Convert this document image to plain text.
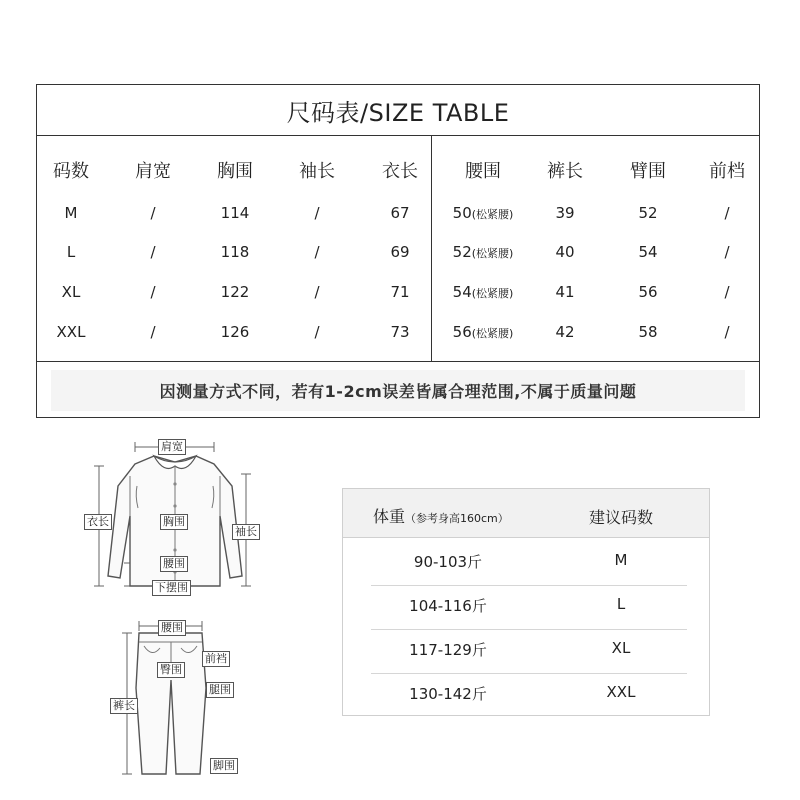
尺码表/SIZE TABLE
码数	肩宽	胸围	袖长	衣长	腰围	裤长	臂围	前档
M	/	114	/	67	50(松紧腰)	39	52	/
L	/	118	/	69	52(松紧腰)	40	54	/
XL	/	122	/	71	54(松紧腰)	41	56	/
XXL	/	126	/	73	56(松紧腰)	42	58	/
因测量方式不同，若有1-2cm误差皆属合理范围,不属于质量问题
肩宽
衣长	胸围
袖长
腰围
下摆围
腰围
前裆
臀围
腿围
裤长
脚围
体重（参考身高160cm）	建议码数
90-103斤	M
104-116斤	L
117-129斤	XL
130-142斤	XXL
